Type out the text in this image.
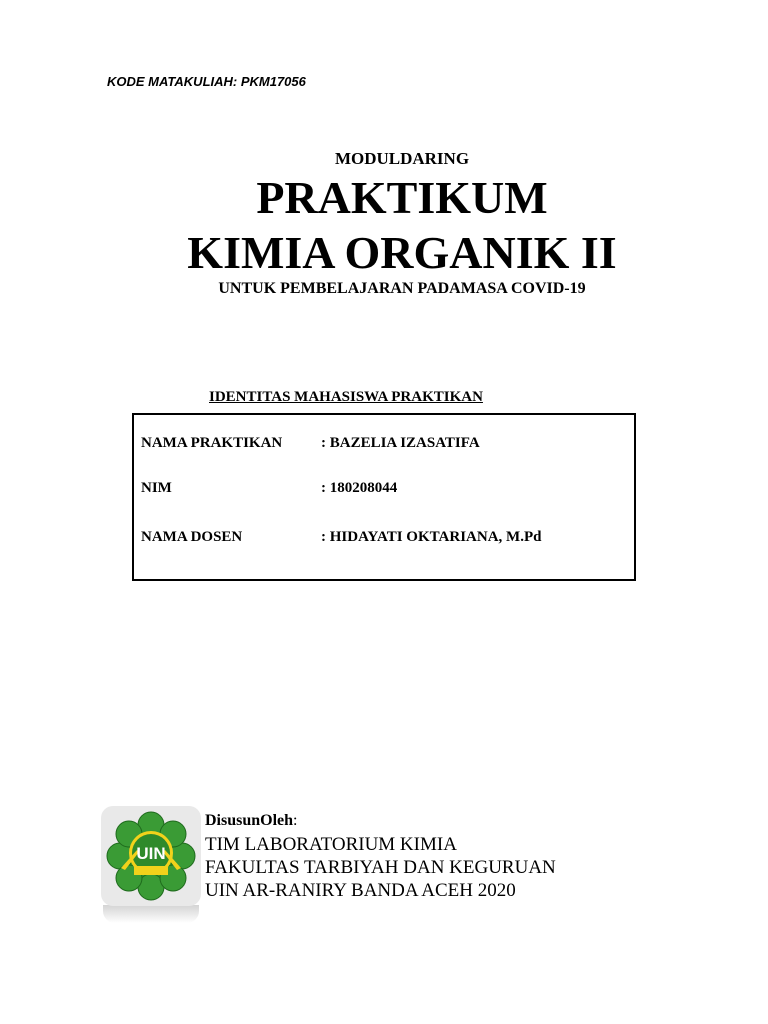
KODE MATAKULIAH: PKM17056
MODULDARING
PRAKTIKUM
KIMIA ORGANIK II
UNTUK PEMBELAJARAN PADAMASA COVID-19
IDENTITAS MAHASISWA PRAKTIKAN
NAMA PRAKTIKAN	: BAZELIA IZASATIFA
NIM	: 180208044
NAMA DOSEN	: HIDAYATI OKTARIANA, M.Pd
UIN
DisusunOleh:
TIM LABORATORIUM KIMIA
FAKULTAS TARBIYAH DAN KEGURUAN
UIN AR-RANIRY BANDA ACEH 2020
